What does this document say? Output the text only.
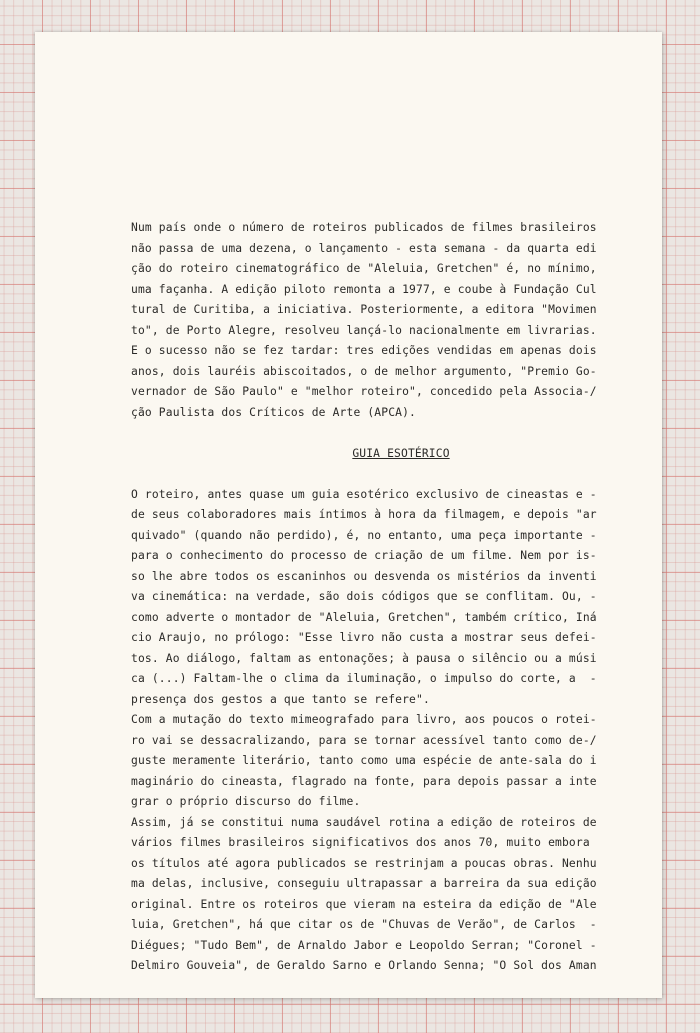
Num país onde o número de roteiros publicados de filmes brasileiros
não passa de uma dezena, o lançamento - esta semana - da quarta edi
ção do roteiro cinematográfico de "Aleluia, Gretchen" é, no mínimo,
uma façanha. A edição piloto remonta a 1977, e coube à Fundação Cul
tural de Curitiba, a iniciativa. Posteriormente, a editora "Movimen
to", de Porto Alegre, resolveu lançá-lo nacionalmente em livrarias.
E o sucesso não se fez tardar: tres edições vendidas em apenas dois
anos, dois lauréis abiscoitados, o de melhor argumento, "Premio Go-
vernador de São Paulo" e "melhor roteiro", concedido pela Associa-/
ção Paulista dos Críticos de Arte (APCA).
GUIA ESOTÉRICO
O roteiro, antes quase um guia esotérico exclusivo de cineastas e -
de seus colaboradores mais íntimos à hora da filmagem, e depois "ar
quivado" (quando não perdido), é, no entanto, uma peça importante -
para o conhecimento do processo de criação de um filme. Nem por is-
so lhe abre todos os escaninhos ou desvenda os mistérios da inventi
va cinemática: na verdade, são dois códigos que se conflitam. Ou, -
como adverte o montador de "Aleluia, Gretchen", também crítico, Iná
cio Araujo, no prólogo: "Esse livro não custa a mostrar seus defei-
tos. Ao diálogo, faltam as entonações; à pausa o silêncio ou a músi
ca (...) Faltam-lhe o clima da iluminação, o impulso do corte, a  -
presença dos gestos a que tanto se refere".
Com a mutação do texto mimeografado para livro, aos poucos o rotei-
ro vai se dessacralizando, para se tornar acessível tanto como de-/
guste meramente literário, tanto como uma espécie de ante-sala do i
maginário do cineasta, flagrado na fonte, para depois passar a inte
grar o próprio discurso do filme.
Assim, já se constitui numa saudável rotina a edição de roteiros de
vários filmes brasileiros significativos dos anos 70, muito embora
os títulos até agora publicados se restrinjam a poucas obras. Nenhu
ma delas, inclusive, conseguiu ultrapassar a barreira da sua edição
original. Entre os roteiros que vieram na esteira da edição de "Ale
luia, Gretchen", há que citar os de "Chuvas de Verão", de Carlos  -
Diégues; "Tudo Bem", de Arnaldo Jabor e Leopoldo Serran; "Coronel -
Delmiro Gouveia", de Geraldo Sarno e Orlando Senna; "O Sol dos Aman
